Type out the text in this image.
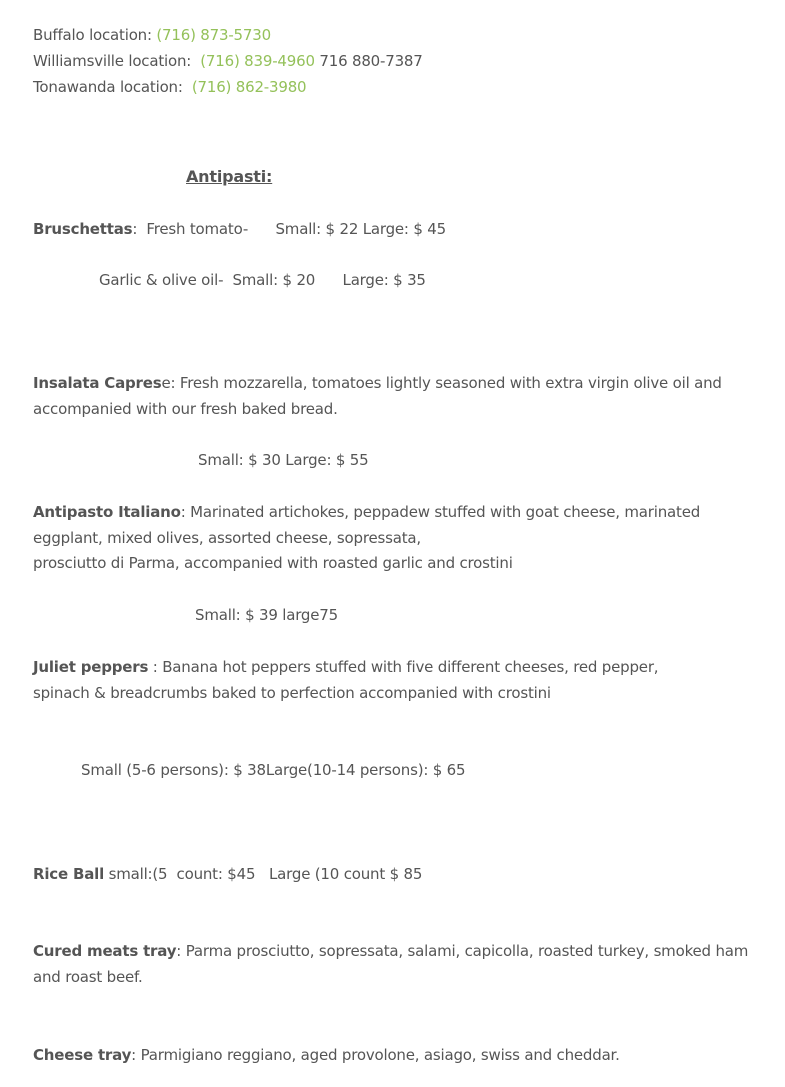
Buffalo location: (716) 873-5730
Williamsville location:  (716) 839-4960 716 880-7387
Tonawanda location:  (716) 862-3980
Antipasti:
Bruschettas:  Fresh tomato-      Small: $ 22 Large: $ 45
Garlic & olive oil-  Small: $ 20      Large: $ 35
Insalata Caprese: Fresh mozzarella, tomatoes lightly seasoned with extra virgin olive oil and accompanied with our fresh baked bread.
Small: $ 30 Large: $ 55
Antipasto Italiano: Marinated artichokes, peppadew stuffed with goat cheese, marinated eggplant, mixed olives, assorted cheese, sopressata,
prosciutto di Parma, accompanied with roasted garlic and crostini
Small: $ 39 large75
Juliet peppers : Banana hot peppers stuffed with five different cheeses, red pepper, spinach & breadcrumbs baked to perfection accompanied with crostini
Small (5-6 persons): $ 38Large(10-14 persons): $ 65
Rice Ball small:(5  count: $45   Large (10 count $ 85
Cured meats tray: Parma prosciutto, sopressata, salami, capicolla, roasted turkey, smoked ham and roast beef.
Cheese tray: Parmigiano reggiano, aged provolone, asiago, swiss and cheddar.
